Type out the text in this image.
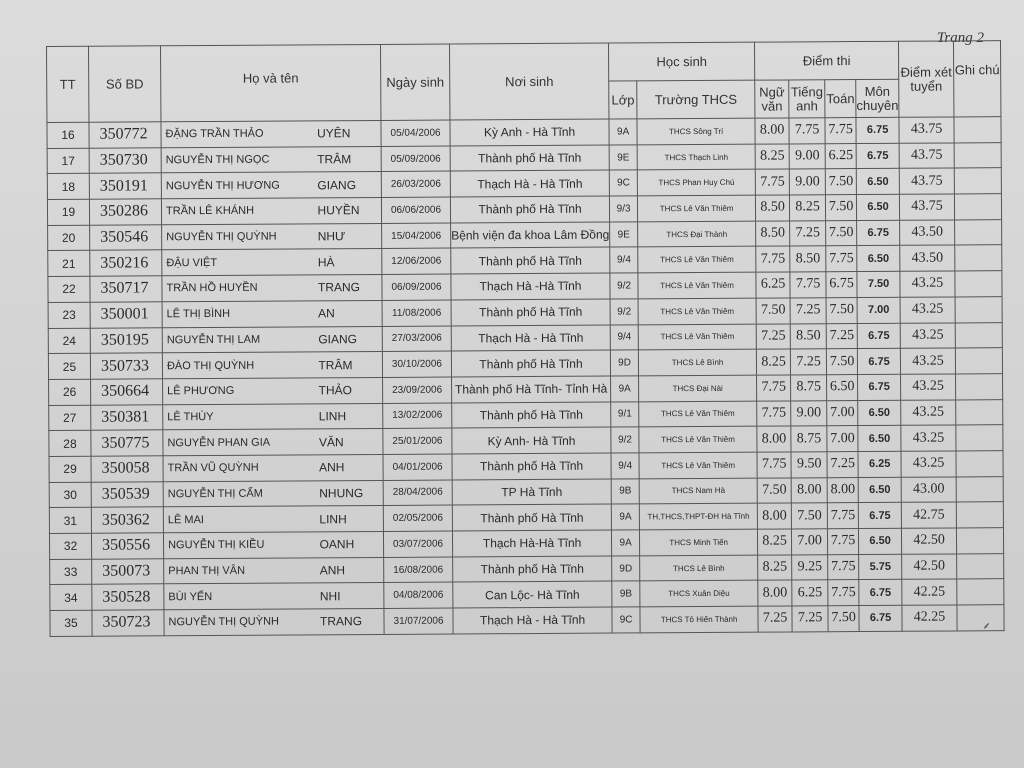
Trang 2
TT	Số BD	Họ và tên		Ngày sinh	Nơi sinh	Học sinh		Điểm thi				Điểm xét tuyển	Ghi chú
						Lớp	Trường THCS	Ngữ văn	Tiếng anh	Toán	Môn chuyên		
16	350772	ĐẶNG TRẦN THẢO	UYÊN	05/04/2006	Kỳ Anh - Hà Tĩnh	9A	THCS Sông Trí	8.00	7.75	7.75	6.75	43.75	
17	350730	NGUYỄN THỊ NGỌC	TRÂM	05/09/2006	Thành phố Hà Tĩnh	9E	THCS Thạch Linh	8.25	9.00	6.25	6.75	43.75	
18	350191	NGUYỄN THỊ HƯƠNG	GIANG	26/03/2006	Thạch Hà - Hà Tĩnh	9C	THCS Phan Huy Chú	7.75	9.00	7.50	6.50	43.75	
19	350286	TRẦN LÊ KHÁNH	HUYỀN	06/06/2006	Thành phố Hà Tĩnh	9/3	THCS Lê Văn Thiêm	8.50	8.25	7.50	6.50	43.75	
20	350546	NGUYỄN THỊ QUỲNH	NHƯ	15/04/2006	Bệnh viện đa khoa Lâm Đồng	9E	THCS Đại Thành	8.50	7.25	7.50	6.75	43.50	
21	350216	ĐẬU VIỆT	HÀ	12/06/2006	Thành phố Hà Tĩnh	9/4	THCS Lê Văn Thiêm	7.75	8.50	7.75	6.50	43.50	
22	350717	TRẦN HỒ HUYỀN	TRANG	06/09/2006	Thạch Hà -Hà Tĩnh	9/2	THCS Lê Văn Thiêm	6.25	7.75	6.75	7.50	43.25	
23	350001	LÊ THỊ BÌNH	AN	11/08/2006	Thành phố Hà Tĩnh	9/2	THCS Lê Văn Thiêm	7.50	7.25	7.50	7.00	43.25	
24	350195	NGUYỄN THỊ LAM	GIANG	27/03/2006	Thạch Hà - Hà Tĩnh	9/4	THCS Lê Văn Thiêm	7.25	8.50	7.25	6.75	43.25	
25	350733	ĐÀO THỊ QUỲNH	TRÂM	30/10/2006	Thành phố Hà Tĩnh	9D	THCS Lê Bình	8.25	7.25	7.50	6.75	43.25	
26	350664	LÊ PHƯƠNG	THẢO	23/09/2006	Thành phố Hà Tĩnh- Tỉnh Hà	9A	THCS Đại Nài	7.75	8.75	6.50	6.75	43.25	
27	350381	LÊ THÙY	LINH	13/02/2006	Thành phố Hà Tĩnh	9/1	THCS Lê Văn Thiêm	7.75	9.00	7.00	6.50	43.25	
28	350775	NGUYỄN PHAN GIA	VĂN	25/01/2006	Kỳ Anh- Hà Tĩnh	9/2	THCS Lê Văn Thiêm	8.00	8.75	7.00	6.50	43.25	
29	350058	TRẦN VŨ QUỲNH	ANH	04/01/2006	Thành phố Hà Tĩnh	9/4	THCS Lê Văn Thiêm	7.75	9.50	7.25	6.25	43.25	
30	350539	NGUYỄN THỊ CẨM	NHUNG	28/04/2006	TP Hà Tĩnh	9B	THCS Nam Hà	7.50	8.00	8.00	6.50	43.00	
31	350362	LÊ MAI	LINH	02/05/2006	Thành phố Hà Tĩnh	9A	TH,THCS,THPT-ĐH Hà Tĩnh	8.00	7.50	7.75	6.75	42.75	
32	350556	NGUYỄN THỊ KIỀU	OANH	03/07/2006	Thạch Hà-Hà Tĩnh	9A	THCS Minh Tiến	8.25	7.00	7.75	6.50	42.50	
33	350073	PHAN THỊ VÂN	ANH	16/08/2006	Thành phố Hà Tĩnh	9D	THCS Lê Bình	8.25	9.25	7.75	5.75	42.50	
34	350528	BÙI YẾN	NHI	04/08/2006	Can Lộc- Hà Tĩnh	9B	THCS Xuân Diệu	8.00	6.25	7.75	6.75	42.25	
35	350723	NGUYỄN THỊ QUỲNH	TRANG	31/07/2006	Thạch Hà - Hà Tĩnh	9C	THCS Tô Hiến Thành	7.25	7.25	7.50	6.75	42.25	
⸙
